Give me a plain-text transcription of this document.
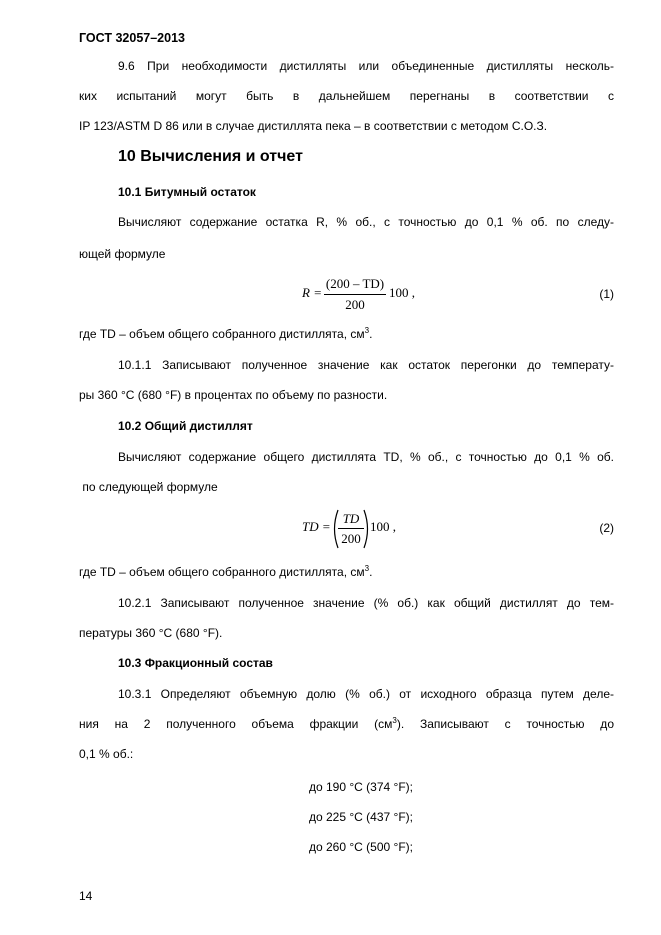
ГОСТ 32057–2013
9.6 При необходимости дистилляты или объединенные дистилляты несколь-
ких испытаний могут быть в дальнейшем перегнаны в соответствии с
IP 123/ASTM D 86 или в случае дистиллята пека – в соответствии с методом С.О.З.
10 Вычисления и отчет
10.1 Битумный остаток
Вычисляют содержание остатка R, % об., с точностью до 0,1 % об. по следу-
ющей формуле
R =
(200 – TD)
200
100 ,	(1)
где TD – объем общего собранного дистиллята, $см^3$.
10.1.1 Записывают полученное значение как остаток перегонки до температу-
ры 360 °С (680 °F) в процентах по объему по разности.
10.2 Общий дистиллят
Вычисляют содержание общего дистиллята TD, % об., с точностью до 0,1 % об.
по следующей формуле
TD =
TD
200
100 ,	(2)
где TD – объем общего собранного дистиллята, $см^3$.
10.2.1 Записывают полученное значение (% об.) как общий дистиллят до тем-
пературы 360 °С (680 °F).
10.3 Фракционный состав
10.3.1 Определяют объемную долю (% об.) от исходного образца путем деле-
ния на 2 полученного объема фракции $(см^3)$. Записывают с точностью до
0,1 % об.:
до 190 °С (374 °F);
до 225 °С (437 °F);
до 260 °С (500 °F);
14
